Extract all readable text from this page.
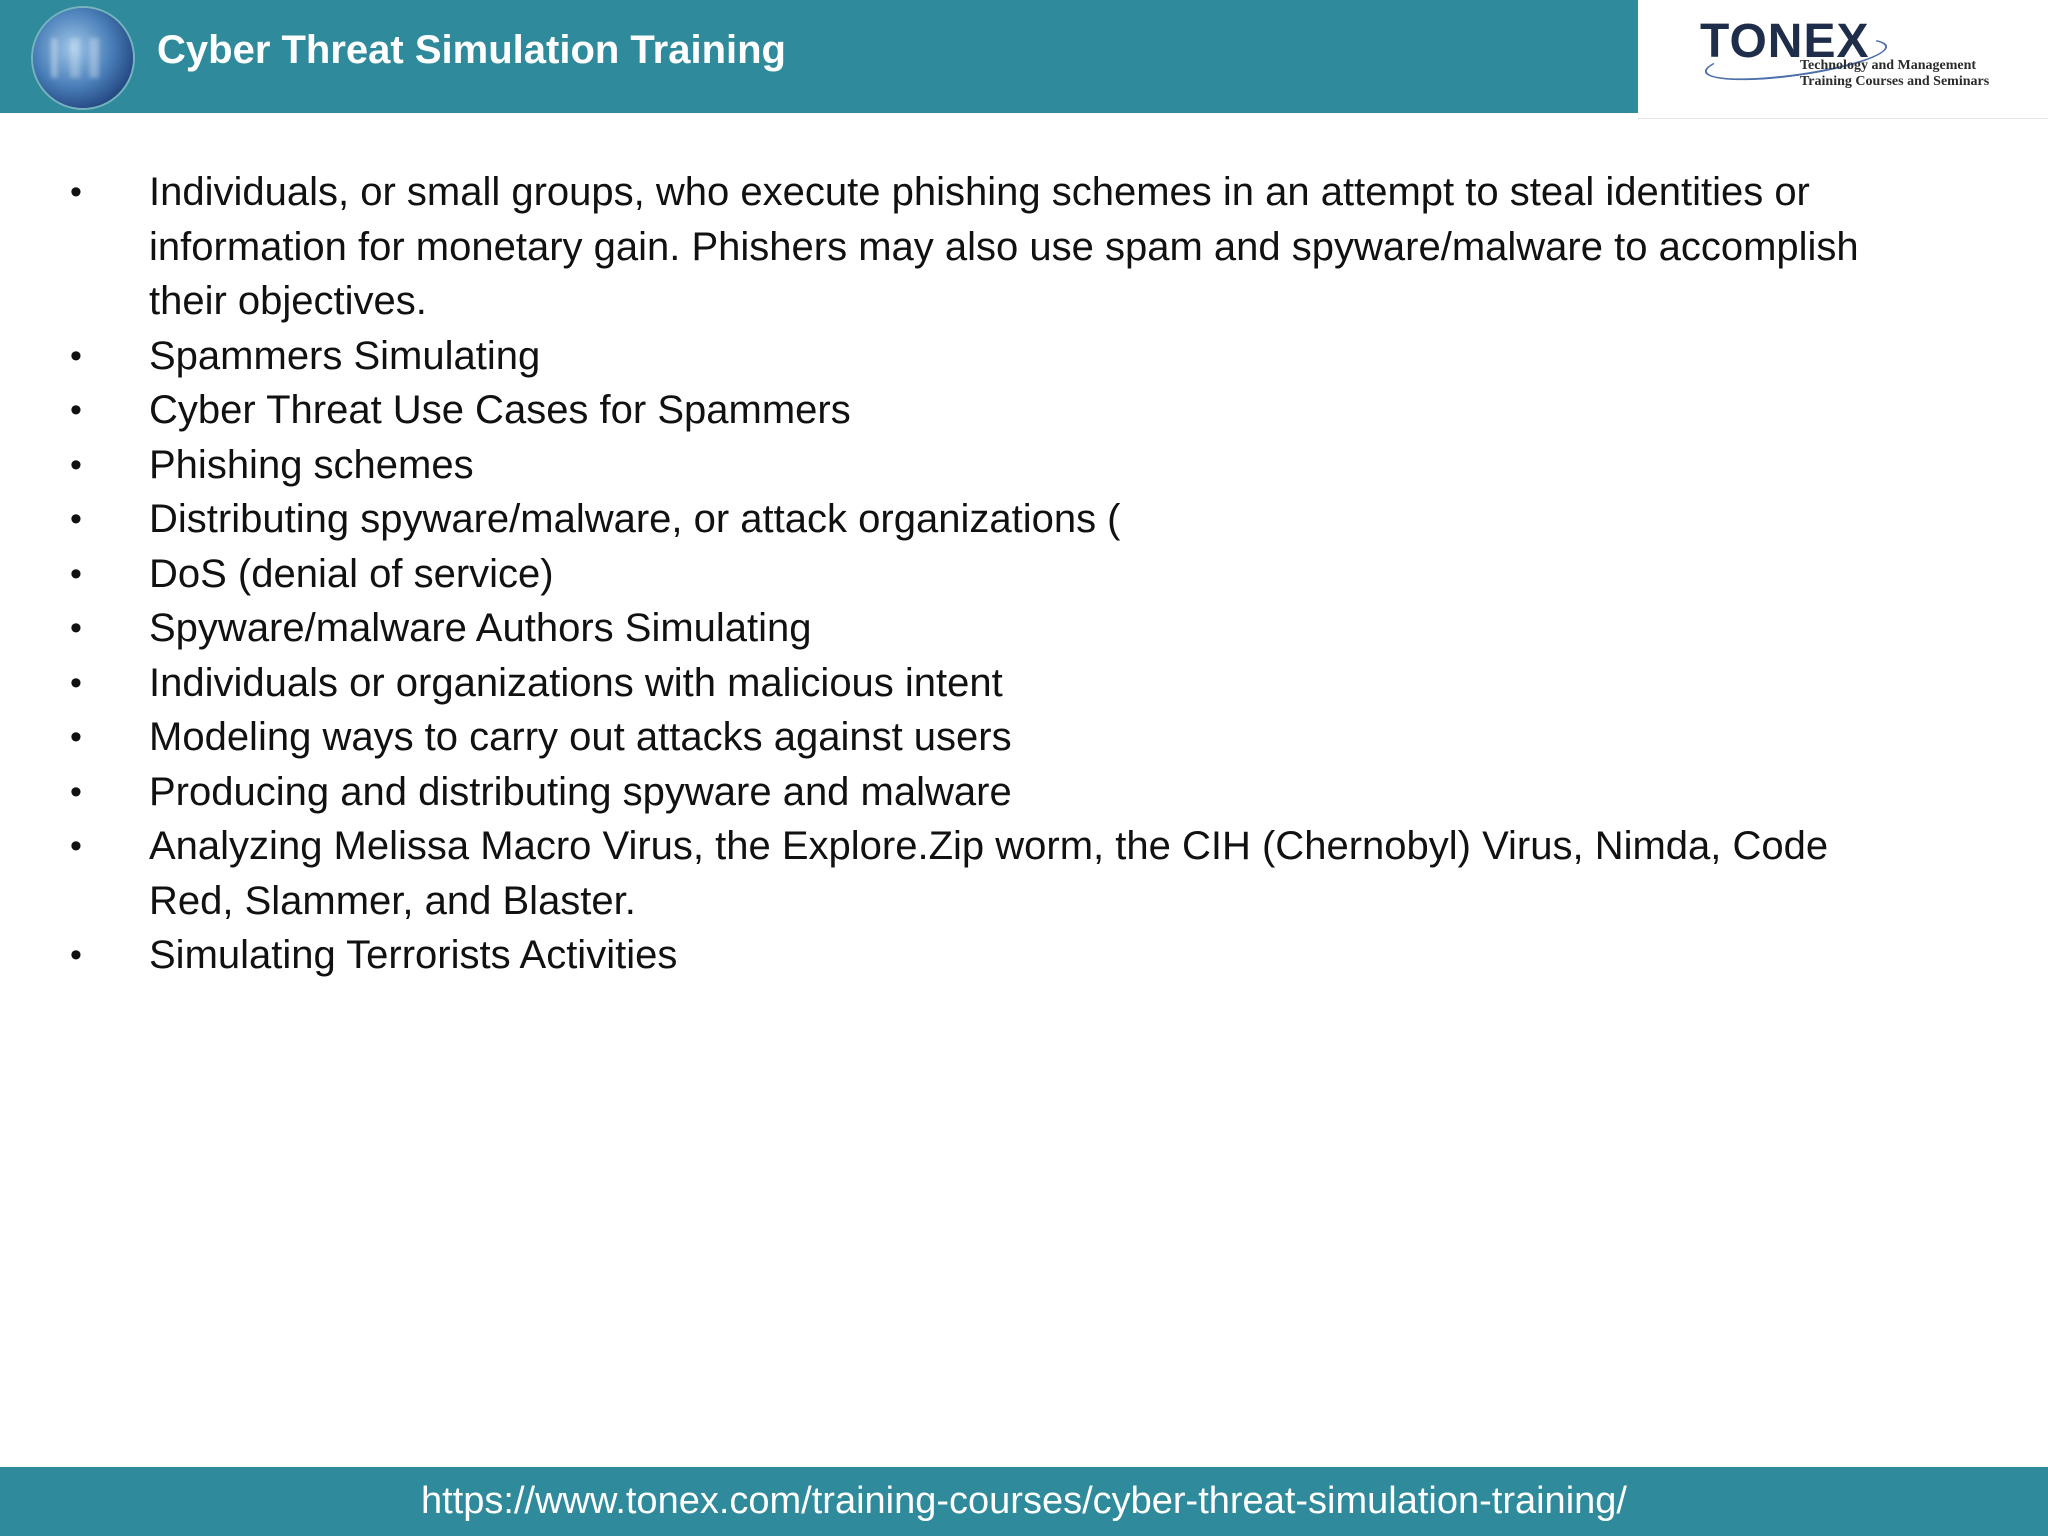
Cyber Threat Simulation Training	TONEX
Technology and Management
Training Courses and Seminars
• Individuals, or small groups, who execute phishing schemes in an attempt to steal identities or information for monetary gain. Phishers may also use spam and spyware/malware to accomplish their objectives.
• Spammers Simulating
• Cyber Threat Use Cases for Spammers
• Phishing schemes
• Distributing spyware/malware, or attack organizations (
• DoS (denial of service)
• Spyware/malware Authors Simulating
• Individuals or organizations with malicious intent
• Modeling ways to carry out attacks against users
• Producing and distributing spyware and malware
• Analyzing Melissa Macro Virus, the Explore.Zip worm, the CIH (Chernobyl) Virus, Nimda, Code Red, Slammer, and Blaster.
• Simulating Terrorists Activities
https://www.tonex.com/training-courses/cyber-threat-simulation-training/
